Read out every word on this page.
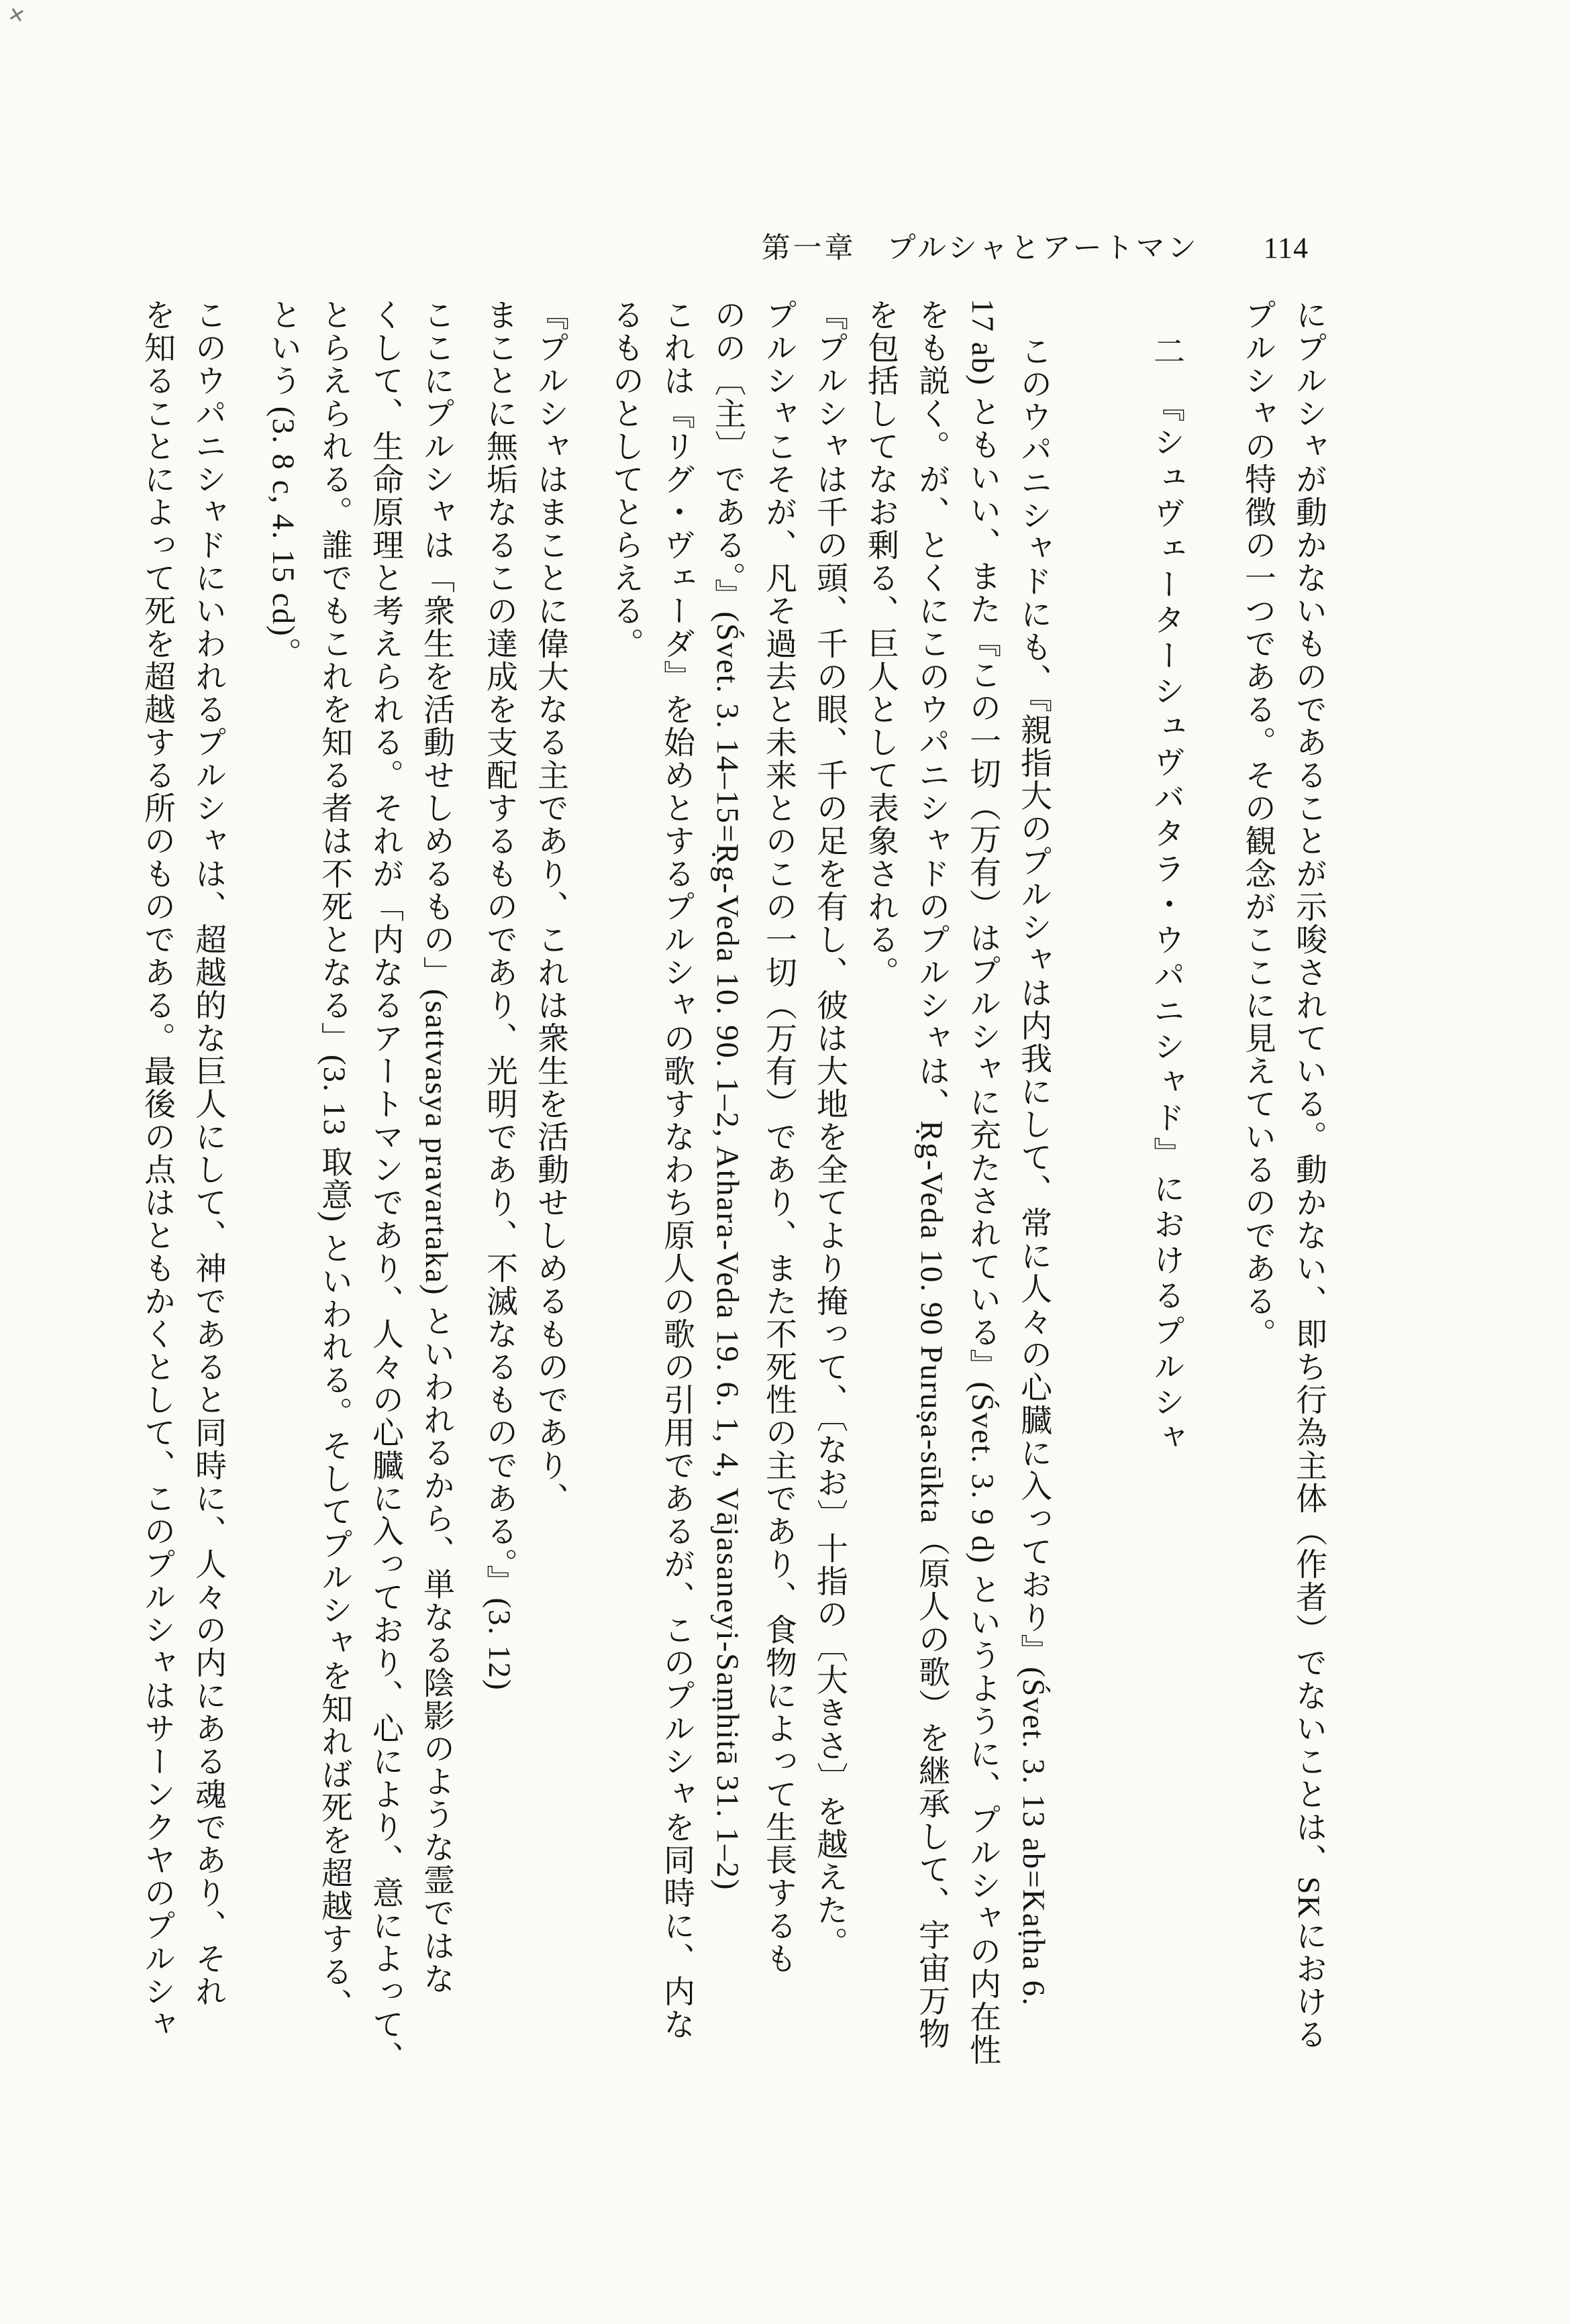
✕
第一章 プルシャとアートマン 114
にプルシャが動かないものであることが示唆されている。動かない、即ち行為主体（作者）でないことは、SKにおける
プルシャの特徴の一つである。その観念がここに見えているのである。
二　『シュヴェーターシュヴバタラ・ウパニシャド』におけるプルシャ
このウパニシャドにも、『親指大のプルシャは内我にして、常に人々の心臓に入っており』(Śvet. 3. 13 ab=Kaṭha 6.
17 ab) ともいい、また『この一切（万有）はプルシャに充たされている』(Śvet. 3. 9 d) というように、プルシャの内在性
をも説く。が、とくにこのウパニシャドのプルシャは、Ṛg-Veda 10. 90 Puruṣa-sūkta（原人の歌）を継承して、宇宙万物
を包括してなお剰る、巨人として表象される。
『プルシャは千の頭、千の眼、千の足を有し、彼は大地を全てより掩って、〔なお〕十指の〔大きさ〕を越えた。
プルシャこそが、凡そ過去と未来とのこの一切（万有）であり、また不死性の主であり、食物によって生長するも
のの〔主〕である。』(Śvet. 3. 14–15=Ṛg-Veda 10. 90. 1–2, Athara-Veda 19. 6. 1, 4, Vājasaneyi-Saṃhitā 31. 1–2)
これは『リグ・ヴェーダ』を始めとするプルシャの歌すなわち原人の歌の引用であるが、このプルシャを同時に、内な
るものとしてとらえる。
『プルシャはまことに偉大なる主であり、これは衆生を活動せしめるものであり、
まことに無垢なるこの達成を支配するものであり、光明であり、不滅なるものである。』(3. 12)
ここにプルシャは「衆生を活動せしめるもの」(sattvasya pravartaka) といわれるから、単なる陰影のような霊ではな
くして、生命原理と考えられる。それが「内なるアートマンであり、人々の心臓に入っており、心により、意によって、
とらえられる。誰でもこれを知る者は不死となる」(3. 13 取意) といわれる。そしてプルシャを知れば死を超越する、
という (3. 8 c, 4. 15 cd)。
このウパニシャドにいわれるプルシャは、超越的な巨人にして、神であると同時に、人々の内にある魂であり、それ
を知ることによって死を超越する所のものである。最後の点はともかくとして、このプルシャはサーンクヤのプルシャ
